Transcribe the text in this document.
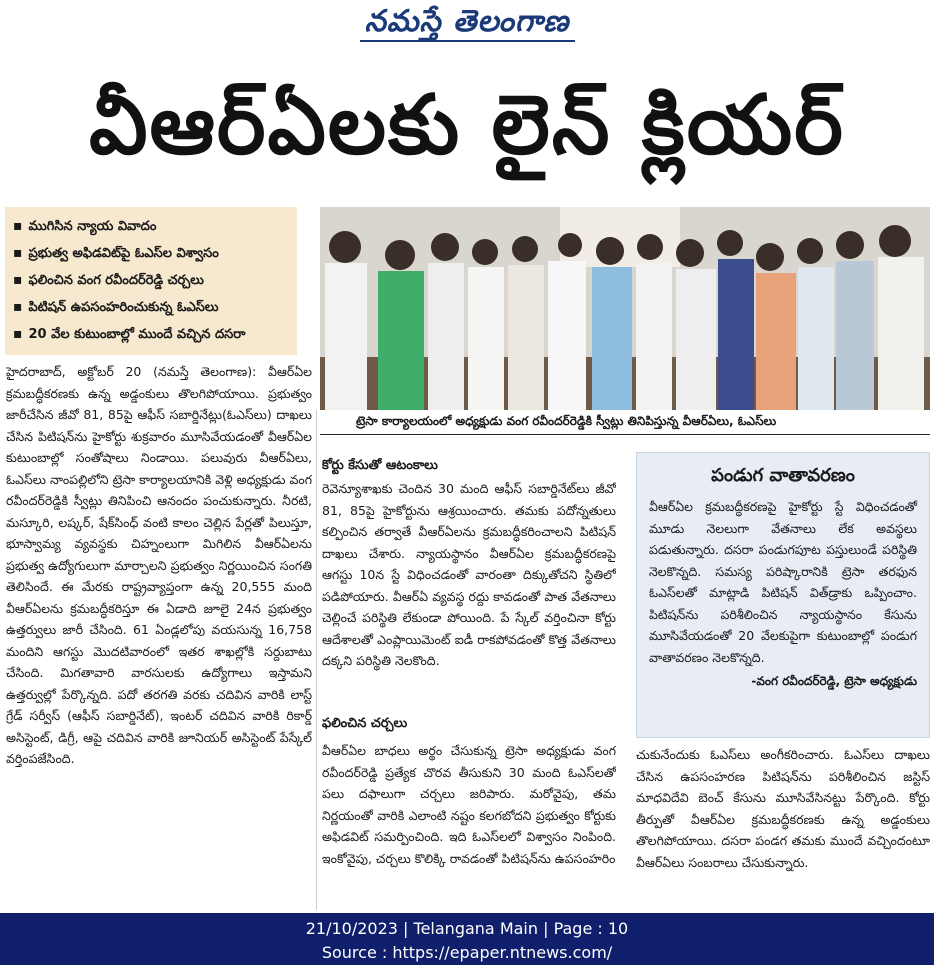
నమస్తే తెలంగాణ
వీఆర్‌ఏలకు లైన్ క్లియర్
▪ ముగిసిన న్యాయ వివాదం
▪ ప్రభుత్వ అఫిడవిట్‌పై ఓఎస్‌ల విశ్వాసం
▪ ఫలించిన వంగ రవీందర్‌రెడ్డి చర్చలు
▪ పిటిషన్ ఉపసంహరించుకున్న ఓఎస్‌లు
▪ 20 వేల కుటుంబాల్లో ముందే వచ్చిన దసరా
ట్రెసా కార్యాలయంలో అధ్యక్షుడు వంగ రవీందర్‌రెడ్డికి స్వీట్లు తినిపిస్తున్న వీఆర్‌ఏలు, ఓఎస్‌లు
హైదరాబాద్, అక్టోబర్ 20 (నమస్తే తెలంగాణ): వీఆర్‌ఏల క్రమబద్ధీకరణకు ఉన్న అడ్డంకులు తొలగిపోయాయి. ప్రభుత్వం జారీచేసిన జీవో 81, 85పై ఆఫీస్ సబార్డినేట్లు(ఓఎస్‌లు) దాఖలు చేసిన పిటిషన్‌ను హైకోర్టు శుక్రవారం మూసివేయడంతో వీఆర్‌ఏల కుటుంబాల్లో సంతోషాలు నిండాయి. పలువురు వీఆర్‌ఏలు, ఓఎస్‌లు నాంపల్లిలోని ట్రెసా కార్యాలయానికి వెళ్లి అధ్యక్షుడు వంగ రవీందర్‌రెడ్డికి స్వీట్లు తినిపించి ఆనందం పంచుకున్నారు. నీరటి, మస్కూరి, లష్కర్, షేక్‌సింధ్ వంటి కాలం చెల్లిన పేర్లతో పిలుస్తూ, భూస్వామ్య వ్యవస్థకు చిహ్నంలుగా మిగిలిన వీఆర్‌ఏలను ప్రభుత్వ ఉద్యోగులుగా మార్చాలని ప్రభుత్వం నిర్ణయించిన సంగతి తెలిసిందే. ఈ మేరకు రాష్ట్రవ్యాప్తంగా ఉన్న 20,555 మంది వీఆర్‌ఏలను క్రమబద్ధీకరిస్తూ ఈ ఏడాది జూలై 24న ప్రభుత్వం ఉత్తర్వులు జారీ చేసింది. 61 ఏండ్లలోపు వయసున్న 16,758 మందిని ఆగస్టు మొదటివారంలో ఇతర శాఖల్లోకి సర్దుబాటు చేసింది. మిగతావారి వారసులకు ఉద్యోగాలు ఇస్తామని ఉత్తర్వుల్లో పేర్కొన్నది. పదో తరగతి వరకు చదివిన వారికి లాస్ట్ గ్రేడ్ సర్వీస్ (ఆఫీస్ సబార్డినేట్), ఇంటర్ చదివిన వారికి రికార్డ్ అసిస్టెంట్, డిగ్రీ, ఆపై చదివిన వారికి జూనియర్ అసిస్టెంట్ పేస్కేల్ వర్తింపజేసింది.
కోర్టు కేసుతో ఆటంకాలు
రెవెన్యూశాఖకు చెందిన 30 మంది ఆఫీస్ సబార్డినేట్‌లు జీవో 81, 85పై హైకోర్టును ఆశ్రయించారు. తమకు పదోన్నతులు కల్పించిన తర్వాతే వీఆర్‌ఏలను క్రమబద్ధీకరించాలని పిటిషన్ దాఖలు చేశారు. న్యాయస్థానం వీఆర్‌ఏల క్రమబద్ధీకరణపై ఆగస్టు 10న స్టే విధించడంతో వారంతా దిక్కుతోచని స్థితిలో పడిపోయారు. వీఆర్‌ఏ వ్యవస్థ రద్దు కావడంతో పాత వేతనాలు చెల్లించే పరిస్థితి లేకుండా పోయింది. పే స్కేల్ వర్తించినా కోర్టు ఆదేశాలతో ఎంప్లాయిమెంట్ ఐడీ రాకపోవడంతో కొత్త వేతనాలు దక్కని పరిస్థితి నెలకొంది.
ఫలించిన చర్చలు
వీఆర్‌ఏల బాధలు అర్థం చేసుకున్న ట్రెసా అధ్యక్షుడు వంగ రవీందర్‌రెడ్డి ప్రత్యేక చొరవ తీసుకుని 30 మంది ఓఎస్‌లతో పలు దఫాలుగా చర్చలు జరిపారు. మరోవైపు, తమ నిర్ణయంతో వారికి ఎలాంటి నష్టం కలగబోదని ప్రభుత్వం కోర్టుకు అఫిడవిట్ సమర్పించింది. ఇది ఓఎస్‌లలో విశ్వాసం నింపింది. ఇంకోవైపు, చర్చలు కొలిక్కి రావడంతో పిటిషన్‌ను ఉపసంహరిం
పండుగ వాతావరణం
వీఆర్‌ఏల క్రమబద్ధీకరణపై హైకోర్టు స్టే విధించడంతో మూడు నెలలుగా వేతనాలు లేక అవస్థలు పడుతున్నారు. దసరా పండుగపూట పస్తులుండే పరిస్థితి నెలకొన్నది. సమస్య పరిష్కారానికి ట్రెసా తరఫున ఓఎస్‌లతో మాట్లాడి పిటిషన్ విత్‌డ్రాకు ఒప్పించాం. పిటిషన్‌ను పరిశీలించిన న్యాయస్థానం కేసును మూసివేయడంతో 20 వేలకుపైగా కుటుంబాల్లో పండుగ వాతావరణం నెలకొన్నది.
-వంగ రవీందర్‌రెడ్డి, ట్రెసా అధ్యక్షుడు
చుకునేందుకు ఓఎస్‌లు అంగీకరించారు. ఓఎస్‌లు దాఖలు చేసిన ఉపసంహరణ పిటిషన్‌ను పరిశీలించిన జస్టిస్ మాధవిదేవి బెంచ్ కేసును మూసివేసినట్టు పేర్కొంది. కోర్టు తీర్పుతో వీఆర్‌ఏల క్రమబద్ధీకరణకు ఉన్న అడ్డంకులు తొలగిపోయాయి. దసరా పండగ తమకు ముందే వచ్చిందంటూ వీఆర్‌ఏలు సంబరాలు చేసుకున్నారు.
21/10/2023 | Telangana Main | Page : 10
Source : https://epaper.ntnews.com/
